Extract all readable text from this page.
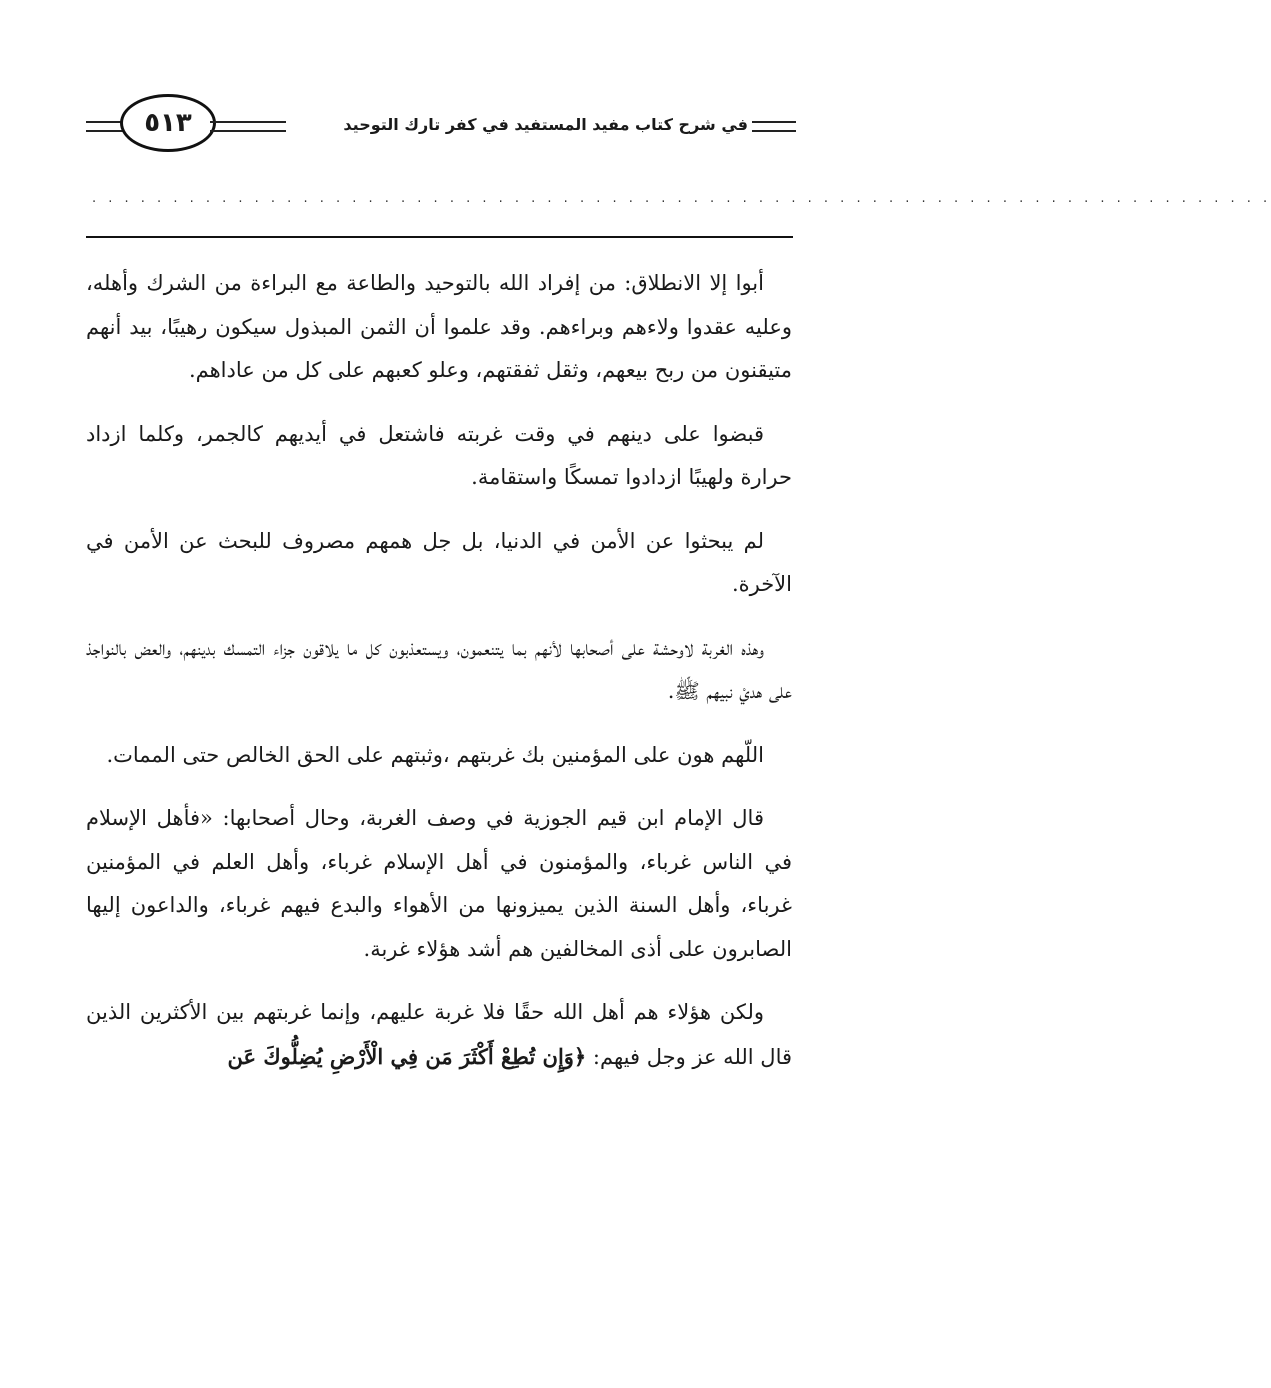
٥١٣	في شرح كتاب مفيد المستفيد في كفر تارك التوحيد
. . . . . . . . . . . . . . . . . . . . . . . . . . . . . . . . . . . . . . . . . . . . . . . . . . . . . . . . . . . . . . . . . . . . . . . . .

أبوا إلا الانطلاق: من إفراد الله بالتوحيد والطاعة مع البراءة من الشرك وأهله، وعليه عقدوا ولاءهم وبراءهم. وقد علموا أن الثمن المبذول سيكون رهيبًا، بيد أنهم متيقنون من ربح بيعهم، وثقل ثفقتهم، وعلو كعبهم على كل من عاداهم.

قبضوا على دينهم في وقت غربته فاشتعل في أيديهم كالجمر، وكلما ازداد حرارة ولهيبًا ازدادوا تمسكًا واستقامة.

لم يبحثوا عن الأمن في الدنيا، بل جل همهم مصروف للبحث عن الأمن في الآخرة.

وهذه الغربة لاوحشة على أصحابها لأنهم بما يتنعمون، ويستعذبون كل ما يلاقون جزاء التمسك بدينهم، والعض بالنواجذ على هديْ نبيهم ﷺ.

اللّهم هون على المؤمنين بك غربتهم ،وثبتهم على الحق الخالص حتى الممات.

قال الإمام ابن قيم الجوزية في وصف الغربة، وحال أصحابها: «فأهل الإسلام في الناس غرباء، والمؤمنون في أهل الإسلام غرباء، وأهل العلم في المؤمنين غرباء، وأهل السنة الذين يميزونها من الأهواء والبدع فيهم غرباء، والداعون إليها الصابرون على أذى المخالفين هم أشد هؤلاء غربة.

ولكن هؤلاء هم أهل الله حقًا فلا غربة عليهم، وإنما غربتهم بين الأكثرين الذين قال الله عز وجل فيهم: ﴿وَإِن تُطِعْ أَكْثَرَ مَن فِي الْأَرْضِ يُضِلُّوكَ عَن
